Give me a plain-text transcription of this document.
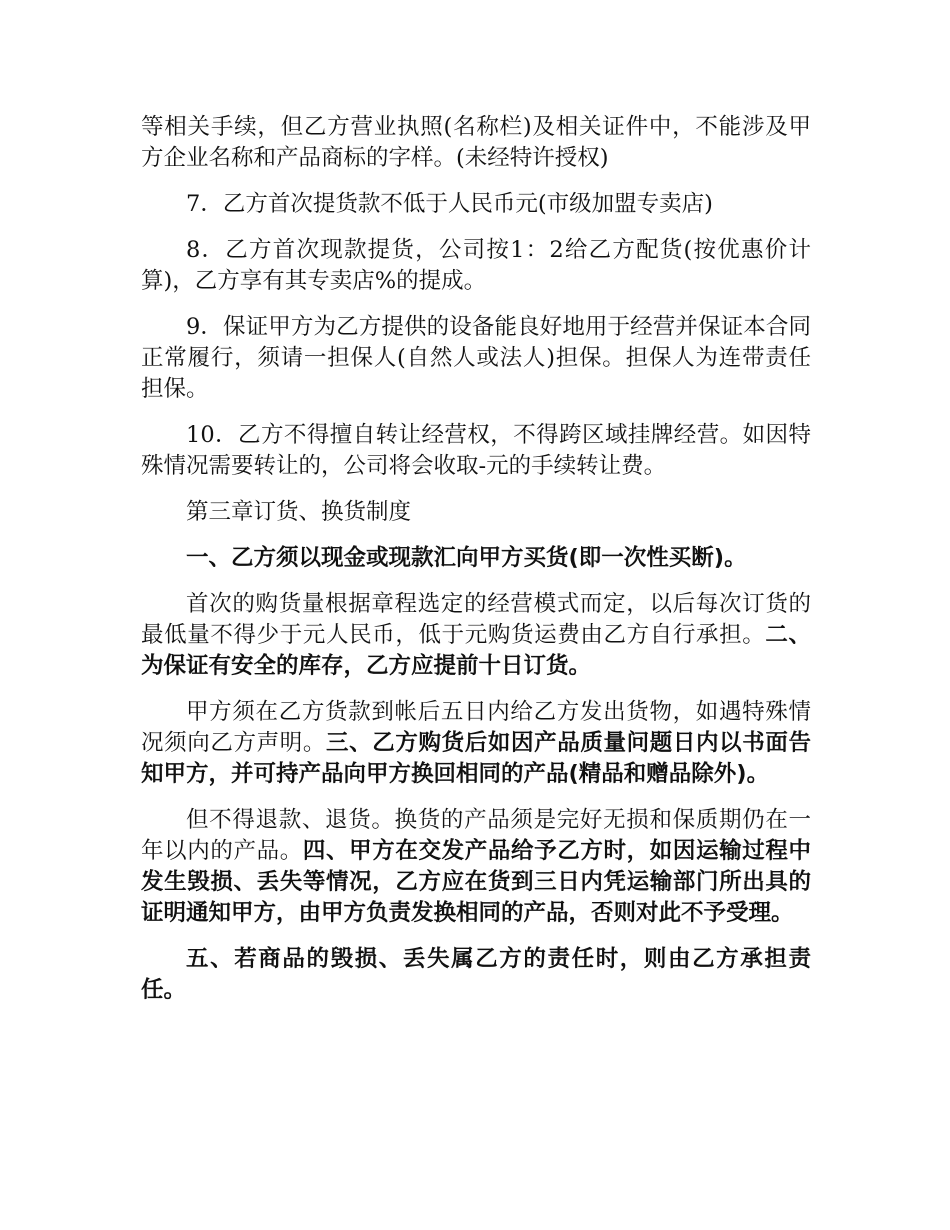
等相关手续，但乙方营业执照(名称栏)及相关证件中，不能涉及甲方企业名称和产品商标的字样。(未经特许授权)

7．乙方首次提货款不低于人民币元(市级加盟专卖店)

8．乙方首次现款提货，公司按1：2给乙方配货(按优惠价计算)，乙方享有其专卖店%的提成。

9．保证甲方为乙方提供的设备能良好地用于经营并保证本合同正常履行，须请一担保人(自然人或法人)担保。担保人为连带责任担保。

10．乙方不得擅自转让经营权，不得跨区域挂牌经营。如因特殊情况需要转让的，公司将会收取-元的手续转让费。

第三章订货、换货制度

一、乙方须以现金或现款汇向甲方买货(即一次性买断)。

首次的购货量根据章程选定的经营模式而定，以后每次订货的最低量不得少于元人民币，低于元购货运费由乙方自行承担。二、为保证有安全的库存，乙方应提前十日订货。

甲方须在乙方货款到帐后五日内给乙方发出货物，如遇特殊情况须向乙方声明。三、乙方购货后如因产品质量问题日内以书面告知甲方，并可持产品向甲方换回相同的产品(精品和赠品除外)。

但不得退款、退货。换货的产品须是完好无损和保质期仍在一年以内的产品。四、甲方在交发产品给予乙方时，如因运输过程中发生毁损、丢失等情况，乙方应在货到三日内凭运输部门所出具的证明通知甲方，由甲方负责发换相同的产品，否则对此不予受理。

五、若商品的毁损、丢失属乙方的责任时，则由乙方承担责任。
